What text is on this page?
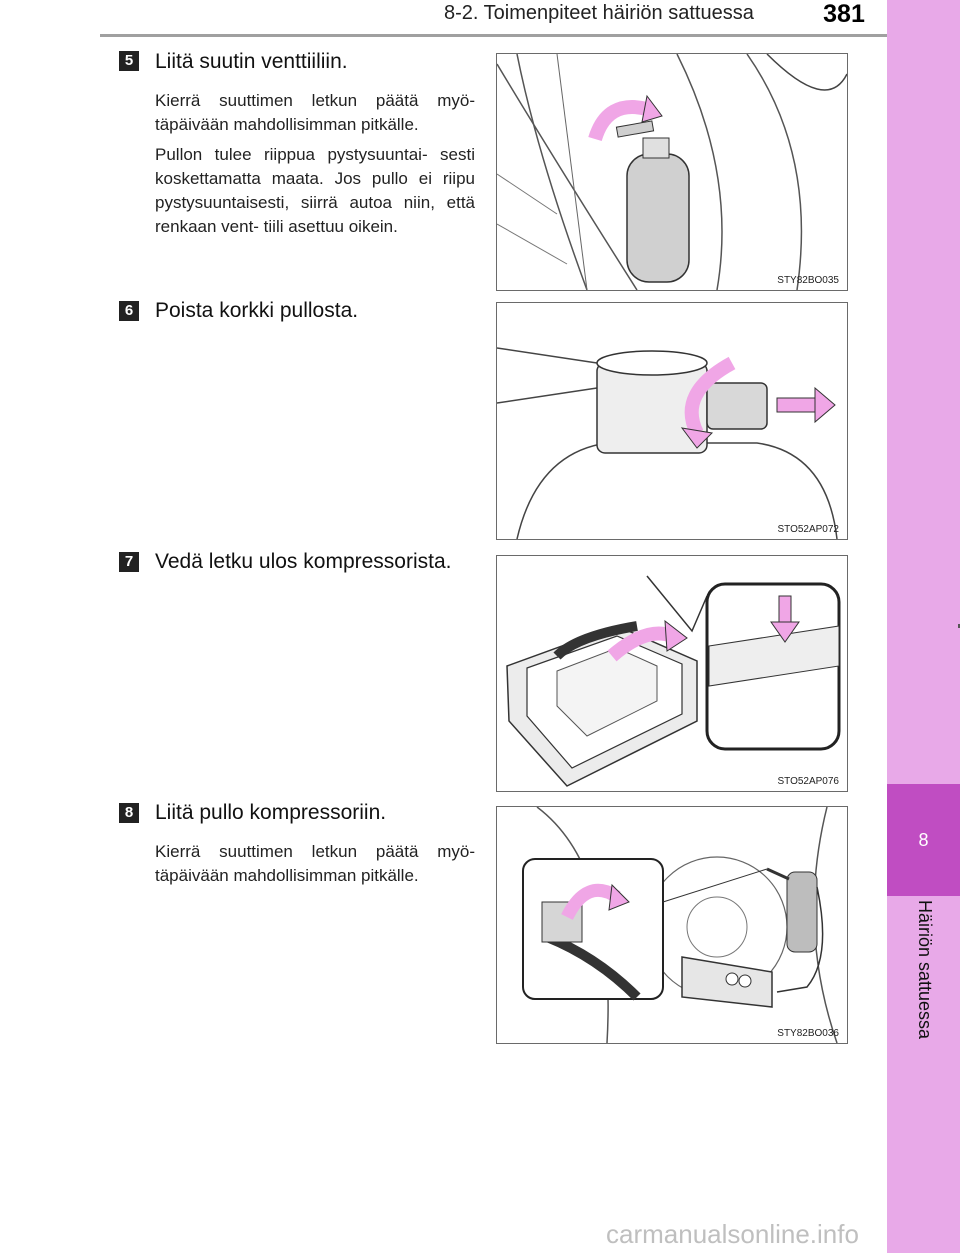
8-2. Toimenpiteet häiriön sattuessa	381
8
Häiriön sattuessa
5 Liitä suutin venttiiliin.

Kierrä suuttimen letkun päätä myö- täpäivään mahdollisimman pitkälle.

Pullon tulee riippua pystysuuntai- sesti koskettamatta maata. Jos pullo ei riipu pystysuuntaisesti, siirrä autoa niin, että renkaan vent- tiili asettuu oikein.

STY82BO035
6 Poista korkki pullosta.
STO52AP072
7 Vedä letku ulos kompressorista.
STO52AP076
8 Liitä pullo kompressoriin.

Kierrä suuttimen letkun päätä myö- täpäivään mahdollisimman pitkälle.

STY82BO036
carmanualsonline.info
